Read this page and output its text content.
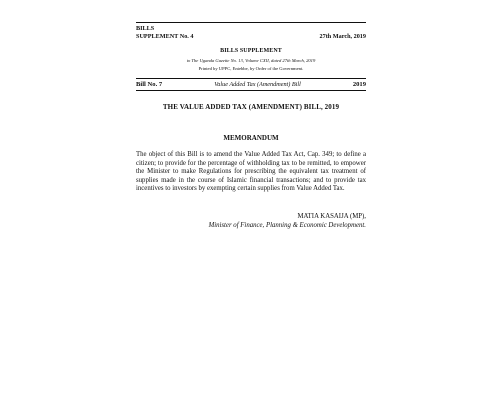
BILLS
SUPPLEMENT No. 4	27th March, 2019
BILLS SUPPLEMENT
to The Uganda Gazette No. 13, Volume CXII, dated 27th March, 2019
Printed by UPPC, Entebbe, by Order of the Government.
Bill No. 7	Value Added Tax (Amendment) Bill	2019
THE VALUE ADDED TAX (AMENDMENT) BILL, 2019
MEMORANDUM
The object of this Bill is to amend the Value Added Tax Act, Cap. 349; to define a citizen; to provide for the percentage of withholding tax to be remitted, to empower the Minister to make Regulations for prescribing the equivalent tax treatment of supplies made in the course of Islamic financial transactions; and to provide tax incentives to investors by exempting certain supplies from Value Added Tax.
MATIA KASAIJA (MP),
Minister of Finance, Planning & Economic Development.
